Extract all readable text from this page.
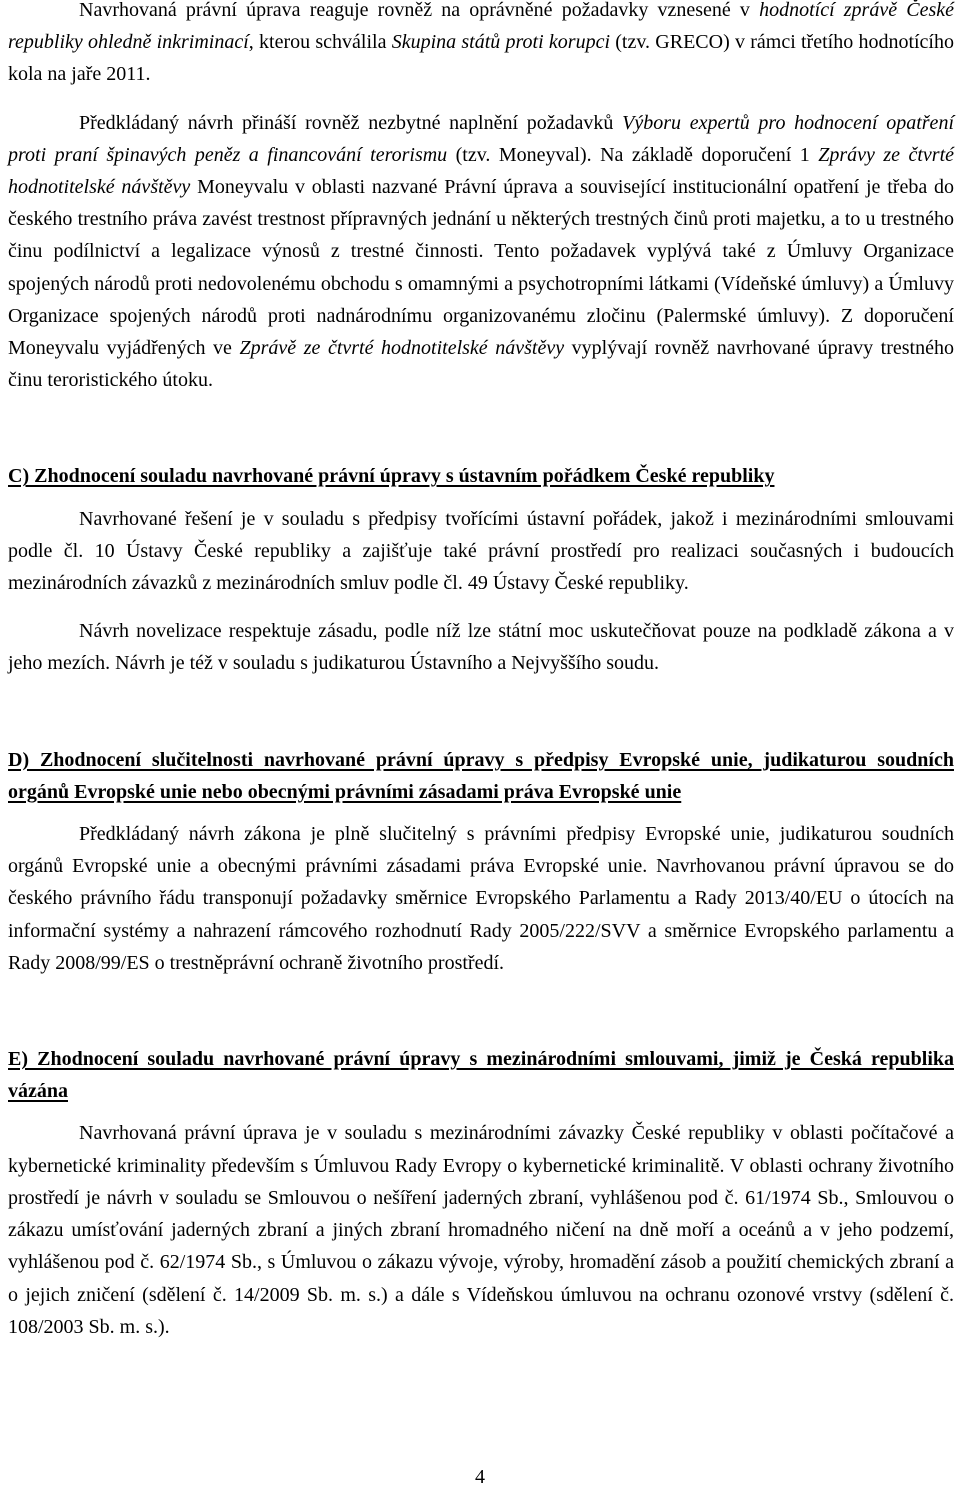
Navrhovaná právní úprava reaguje rovněž na oprávněné požadavky vznesené v hodnotící zprávě České republiky ohledně inkriminací, kterou schválila Skupina států proti korupci (tzv. GRECO) v rámci třetího hodnotícího kola na jaře 2011.

Předkládaný návrh přináší rovněž nezbytné naplnění požadavků Výboru expertů pro hodnocení opatření proti praní špinavých peněz a financování terorismu (tzv. Moneyval). Na základě doporučení 1 Zprávy ze čtvrté hodnotitelské návštěvy Moneyvalu v oblasti nazvané Právní úprava a související institucionální opatření je třeba do českého trestního práva zavést trestnost přípravných jednání u některých trestných činů proti majetku, a to u trestného činu podílnictví a legalizace výnosů z trestné činnosti. Tento požadavek vyplývá také z Úmluvy Organizace spojených národů proti nedovolenému obchodu s omamnými a psychotropními látkami (Vídeňské úmluvy) a Úmluvy Organizace spojených národů proti nadnárodnímu organizovanému zločinu (Palermské úmluvy). Z doporučení Moneyvalu vyjádřených ve Zprávě ze čtvrté hodnotitelské návštěvy vyplývají rovněž navrhované úpravy trestného činu teroristického útoku.

C) Zhodnocení souladu navrhované právní úpravy s ústavním pořádkem České republiky

Navrhované řešení je v souladu s předpisy tvořícími ústavní pořádek, jakož i mezinárodními smlouvami podle čl. 10 Ústavy České republiky a zajišťuje také právní prostředí pro realizaci současných i budoucích mezinárodních závazků z mezinárodních smluv podle čl. 49 Ústavy České republiky.

Návrh novelizace respektuje zásadu, podle níž lze státní moc uskutečňovat pouze na podkladě zákona a v jeho mezích. Návrh je též v souladu s judikaturou Ústavního a Nejvyššího soudu.

D) Zhodnocení slučitelnosti navrhované právní úpravy s předpisy Evropské unie, judikaturou soudních orgánů Evropské unie nebo obecnými právními zásadami práva Evropské unie

Předkládaný návrh zákona je plně slučitelný s právními předpisy Evropské unie, judikaturou soudních orgánů Evropské unie a obecnými právními zásadami práva Evropské unie. Navrhovanou právní úpravou se do českého právního řádu transponují požadavky směrnice Evropského Parlamentu a Rady 2013/40/EU o útocích na informační systémy a nahrazení rámcového rozhodnutí Rady 2005/222/SVV a směrnice Evropského parlamentu a Rady 2008/99/ES o trestněprávní ochraně životního prostředí.

E) Zhodnocení souladu navrhované právní úpravy s mezinárodními smlouvami, jimiž je Česká republika vázána

Navrhovaná právní úprava je v souladu s mezinárodními závazky České republiky v oblasti počítačové a kybernetické kriminality především s Úmluvou Rady Evropy o kybernetické kriminalitě. V oblasti ochrany životního prostředí je návrh v souladu se Smlouvou o nešíření jaderných zbraní, vyhlášenou pod č. 61/1974 Sb., Smlouvou o zákazu umísťování jaderných zbraní a jiných zbraní hromadného ničení na dně moří a oceánů a v jeho podzemí, vyhlášenou pod č. 62/1974 Sb., s Úmluvou o zákazu vývoje, výroby, hromadění zásob a použití chemických zbraní a o jejich zničení (sdělení č. 14/2009 Sb. m. s.) a dále s Vídeňskou úmluvou na ochranu ozonové vrstvy (sdělení č. 108/2003 Sb. m. s.).

4
